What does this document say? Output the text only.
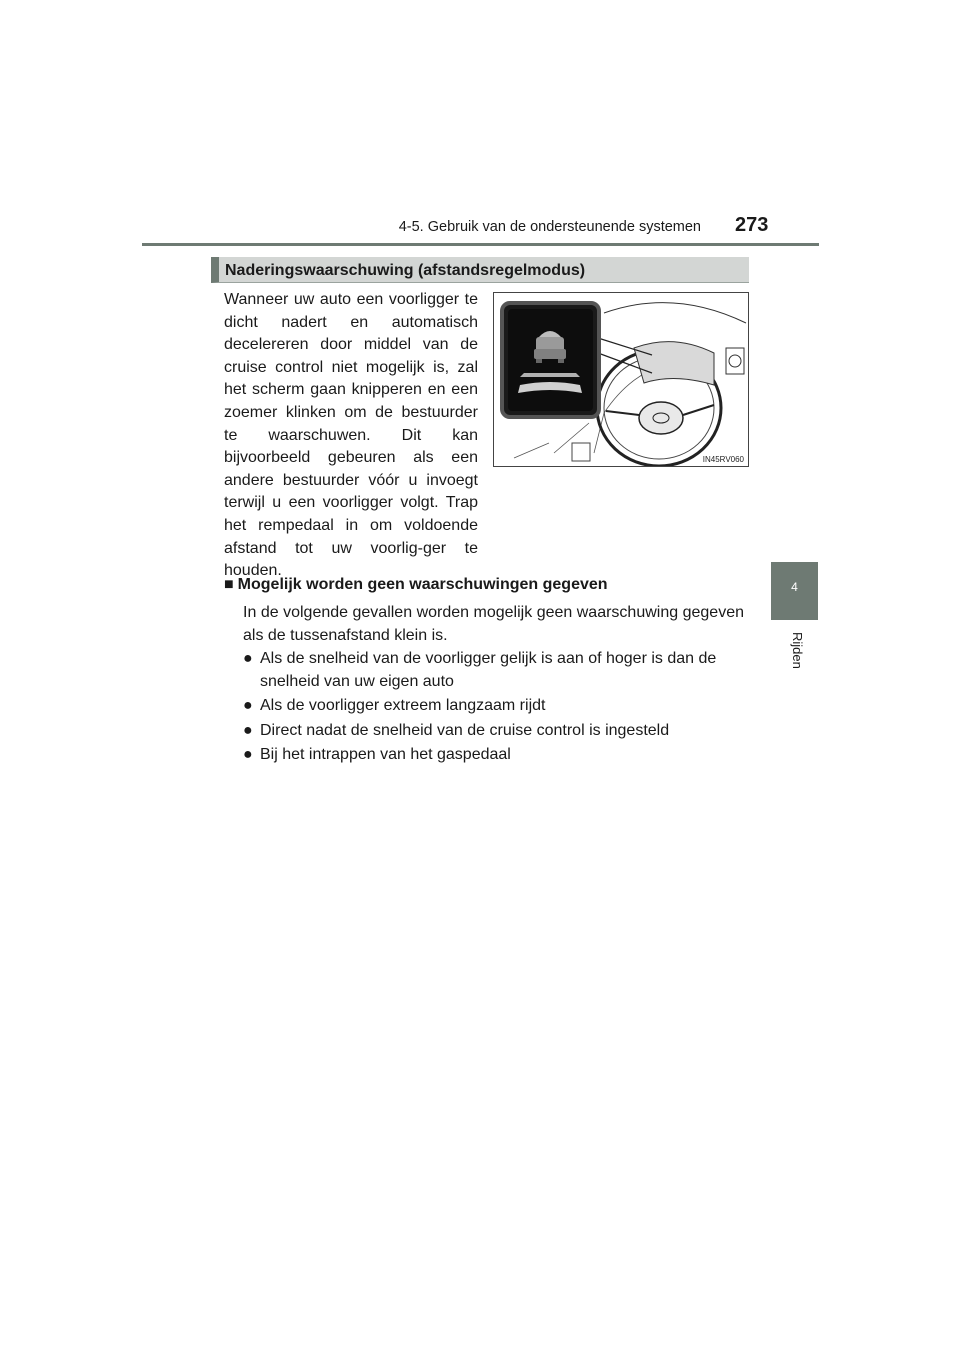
4-5. Gebruik van de ondersteunende systemen 273
4
Rijden
Naderingswaarschuwing (afstandsregelmodus)
Wanneer uw auto een voorligger te dicht nadert en automatisch decelereren door middel van de cruise control niet mogelijk is, zal het scherm gaan knipperen en een zoemer klinken om de bestuurder te waarschuwen. Dit kan bijvoorbeeld gebeuren als een andere bestuurder vóór u invoegt terwijl u een voorligger volgt. Trap het rempedaal in om voldoende afstand tot uw voorlig-ger te houden.
IN45RV060
■ Mogelijk worden geen waarschuwingen gegeven
In de volgende gevallen worden mogelijk geen waarschuwing gegeven als de tussenafstand klein is.
● Als de snelheid van de voorligger gelijk is aan of hoger is dan de snelheid van uw eigen auto
● Als de voorligger extreem langzaam rijdt
● Direct nadat de snelheid van de cruise control is ingesteld
● Bij het intrappen van het gaspedaal
